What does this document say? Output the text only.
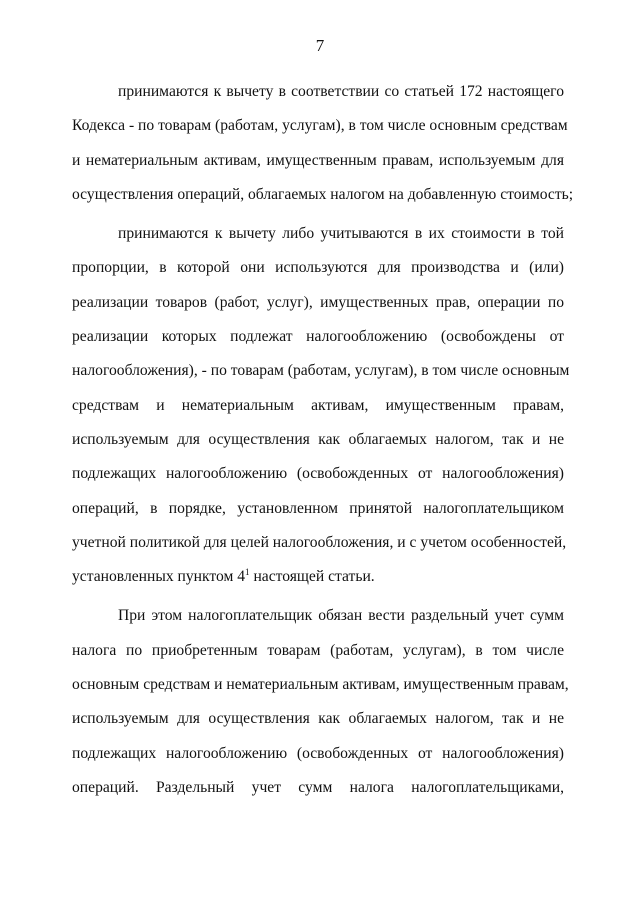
7
принимаются к вычету в соответствии со статьей 172 настоящего
Кодекса - по товарам (работам, услугам), в том числе основным средствам
и нематериальным активам, имущественным правам, используемым для
осуществления операций, облагаемых налогом на добавленную стоимость;
принимаются к вычету либо учитываются в их стоимости в той
пропорции, в которой они используются для производства и (или)
реализации товаров (работ, услуг), имущественных прав, операции по
реализации которых подлежат налогообложению (освобождены от
налогообложения), - по товарам (работам, услугам), в том числе основным
средствам и нематериальным активам, имущественным правам,
используемым для осуществления как облагаемых налогом, так и не
подлежащих налогообложению (освобожденных от налогообложения)
операций, в порядке, установленном принятой налогоплательщиком
учетной политикой для целей налогообложения, и с учетом особенностей,
установленных пунктом $4^1$ настоящей статьи.
При этом налогоплательщик обязан вести раздельный учет сумм
налога по приобретенным товарам (работам, услугам), в том числе
основным средствам и нематериальным активам, имущественным правам,
используемым для осуществления как облагаемых налогом, так и не
подлежащих налогообложению (освобожденных от налогообложения)
операций. Раздельный учет сумм налога налогоплательщиками,
